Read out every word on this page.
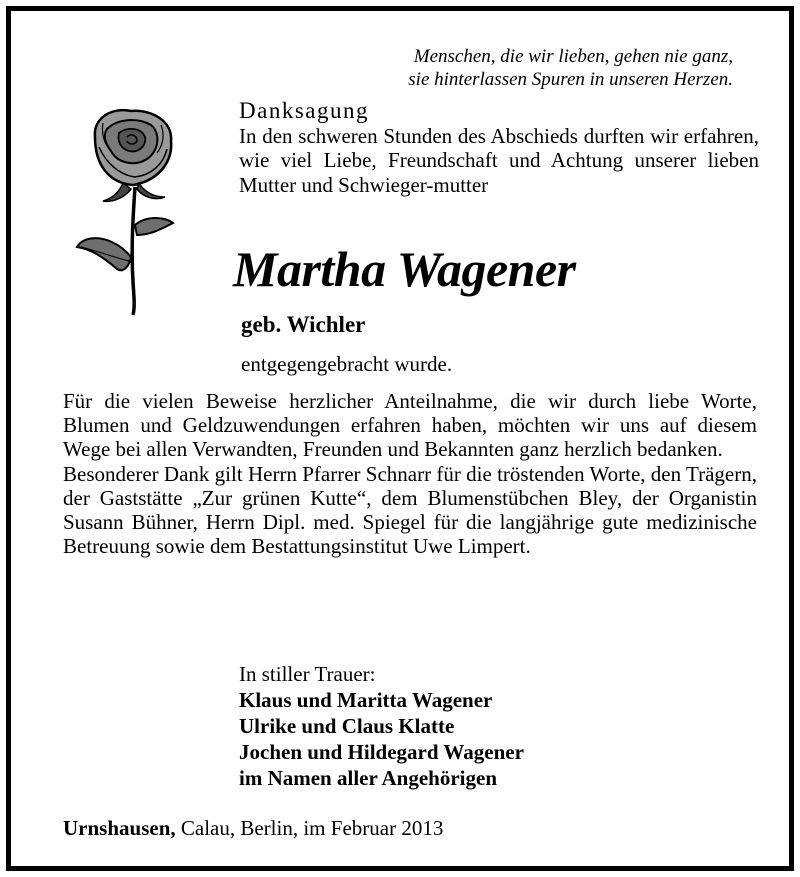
Menschen, die wir lieben, gehen nie ganz,
sie hinterlassen Spuren in unseren Herzen.
Danksagung
In den schweren Stunden des Abschieds durften wir erfahren, wie viel Liebe, Freundschaft und Achtung unserer lieben Mutter und Schwieger-mutter
Martha Wagener
geb. Wichler
entgegengebracht wurde.

Für die vielen Beweise herzlicher Anteilnahme, die wir durch liebe Worte, Blumen und Geldzuwendungen erfahren haben, möchten wir uns auf diesem Wege bei allen Verwandten, Freunden und Bekannten ganz herzlich bedanken.

Besonderer Dank gilt Herrn Pfarrer Schnarr für die tröstenden Worte, den Trägern, der Gaststätte „Zur grünen Kutte“, dem Blumenstübchen Bley, der Organistin Susann Bühner, Herrn Dipl. med. Spiegel für die langjährige gute medizinische Betreuung sowie dem Bestattungsinstitut Uwe Limpert.

In stiller Trauer:
Klaus und Maritta Wagener
Ulrike und Claus Klatte
Jochen und Hildegard Wagener
im Namen aller Angehörigen
Urnshausen, Calau, Berlin, im Februar 2013
